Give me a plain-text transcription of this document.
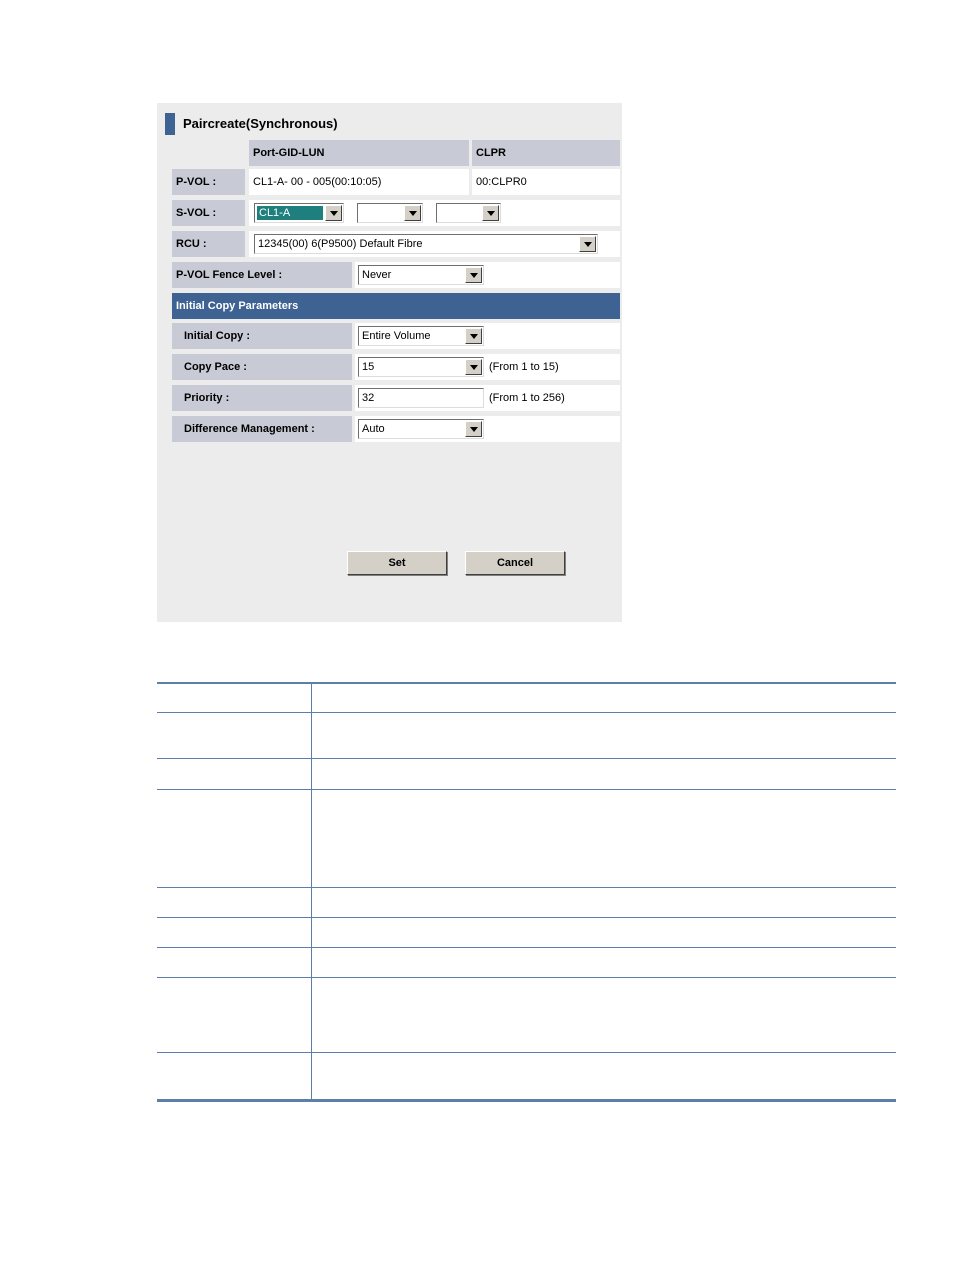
Paircreate(Synchronous)
Port-GID-LUN	CLPR
P-VOL :	CL1-A- 00 - 005(00:10:05)	00:CLPR0
S-VOL :	CL1-A
RCU :	12345(00) 6(P9500) Default Fibre
P-VOL Fence Level :	Never
Initial Copy Parameters
Initial Copy :	Entire Volume
Copy Pace :	15	(From 1 to 15)
Priority :	32	(From 1 to 256)
Difference Management :	Auto
Set	Cancel
